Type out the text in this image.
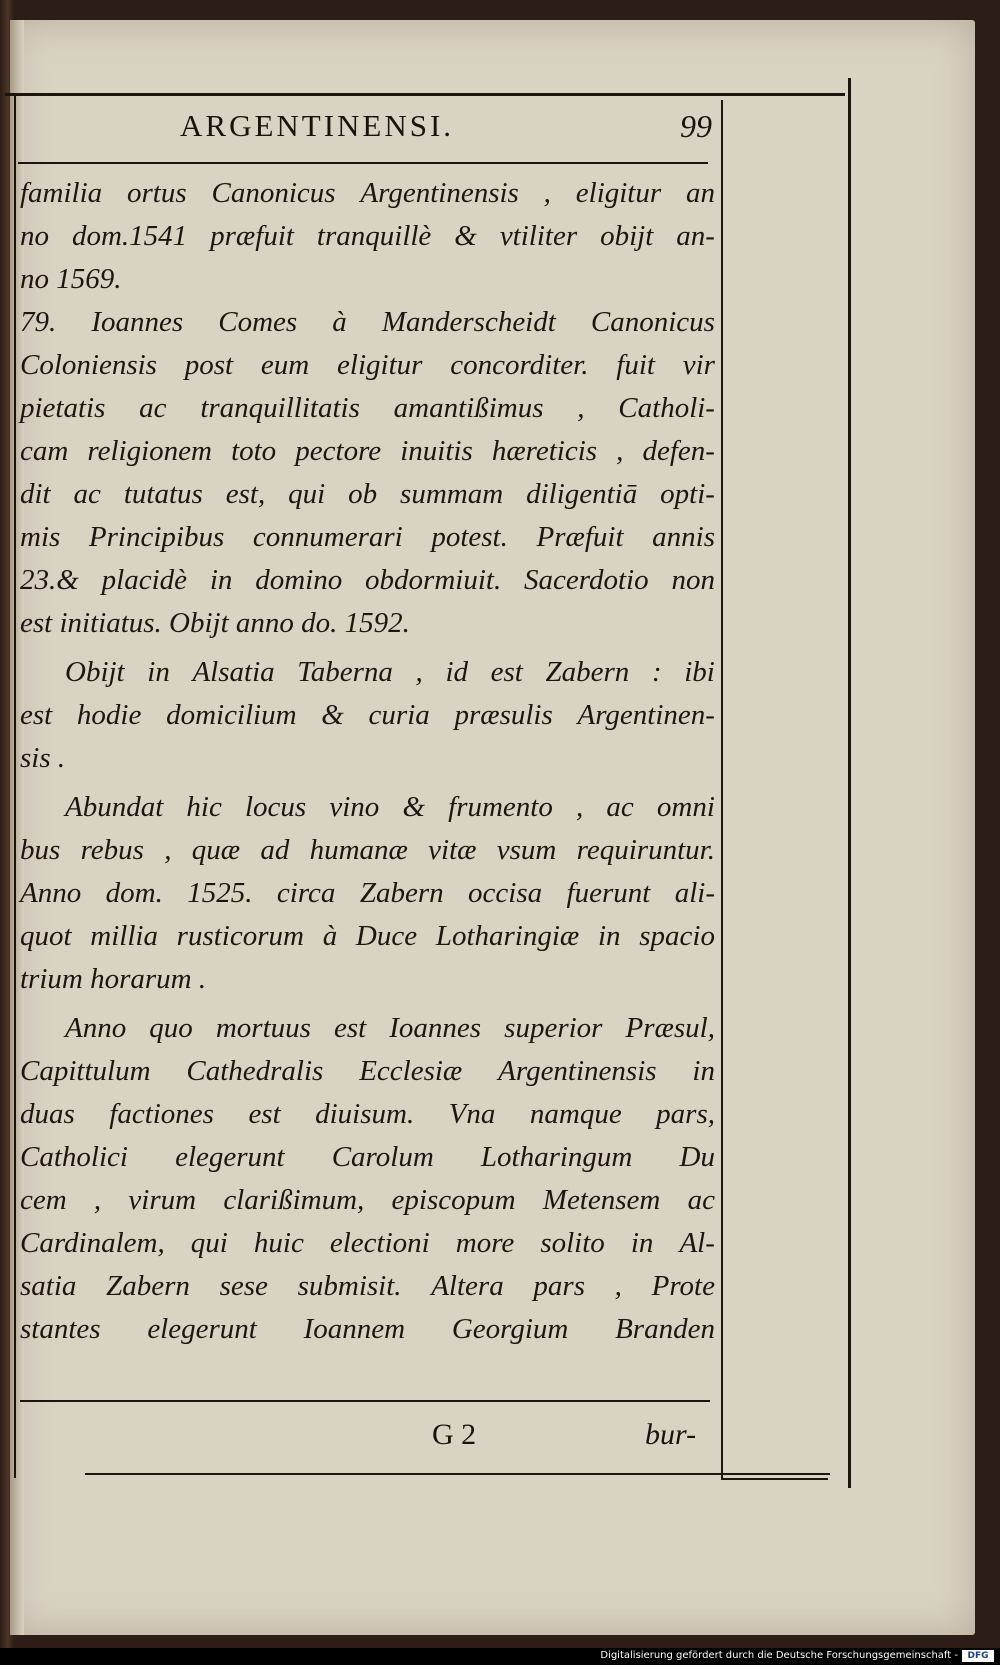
ARGENTINENSI.	99
familia ortus Canonicus Argentinensis , eligitur an
no dom.1541 præfuit tranquillè & vtiliter obijt an-
no 1569.
79. Ioannes Comes à Manderscheidt Canonicus
Coloniensis post eum eligitur concorditer. fuit vir
pietatis ac tranquillitatis amantißimus , Catholi-
cam religionem toto pectore inuitis hæreticis , defen-
dit ac tutatus est, qui ob summam diligentiā opti-
mis Principibus connumerari potest. Præfuit annis
23.& placidè in domino obdormiuit. Sacerdotio non
est initiatus. Obijt anno do. 1592.
Obijt in Alsatia Taberna , id est Zabern : ibi
est hodie domicilium & curia præsulis Argentinen-
sis .
Abundat hic locus vino & frumento , ac omni
bus rebus , quæ ad humanæ vitæ vsum requiruntur.
Anno dom. 1525. circa Zabern occisa fuerunt ali-
quot millia rusticorum à Duce Lotharingiæ in spacio
trium horarum .
Anno quo mortuus est Ioannes superior Præsul,
Capittulum Cathedralis Ecclesiæ Argentinensis in
duas factiones est diuisum. Vna namque pars,
Catholici elegerunt Carolum Lotharingum Du
cem , virum clarißimum, episcopum Metensem ac
Cardinalem, qui huic electioni more solito in Al-
satia Zabern sese submisit. Altera pars , Prote
stantes elegerunt Ioannem Georgium Branden
G 2	bur-
Digitalisierung gefördert durch die Deutsche Forschungsgemeinschaft -	DFG
